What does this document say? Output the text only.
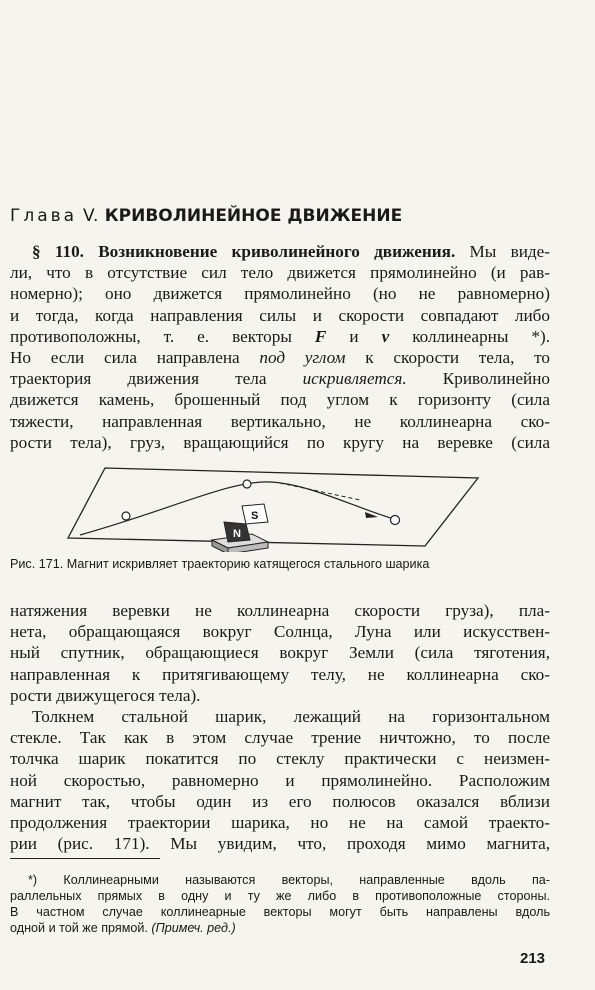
Глава V. КРИВОЛИНЕЙНОЕ ДВИЖЕНИЕ
§ 110. Возникновение криволинейного движения. Мы виде-
ли, что в отсутствие сил тело движется прямолинейно (и рав-
номерно); оно движется прямолинейно (но не равномерно)
и тогда, когда направления силы и скорости совпадают либо
противоположны, т. е. векторы F и v коллинеарны *).
Но если сила направлена под углом к скорости тела, то
траектория движения тела искривляется. Криволинейно
движется камень, брошенный под углом к горизонту (сила
тяжести, направленная вертикально, не коллинеарна ско-
рости тела), груз, вращающийся по кругу на веревке (сила
S
N
Рис. 171. Магнит искривляет траекторию катящегося стального шарика
натяжения веревки не коллинеарна скорости груза), пла-
нета, обращающаяся вокруг Солнца, Луна или искусствен-
ный спутник, обращающиеся вокруг Земли (сила тяготения,
направленная к притягивающему телу, не коллинеарна ско-
рости движущегося тела).
Толкнем стальной шарик, лежащий на горизонтальном
стекле. Так как в этом случае трение ничтожно, то после
толчка шарик покатится по стеклу практически с неизмен-
ной скоростью, равномерно и прямолинейно. Расположим
магнит так, чтобы один из его полюсов оказался вблизи
продолжения траектории шарика, но не на самой траекто-
рии (рис. 171). Мы увидим, что, проходя мимо магнита,
*) Коллинеарными называются векторы, направленные вдоль па-
раллельных прямых в одну и ту же либо в противоположные стороны.
В частном случае коллинеарные векторы могут быть направлены вдоль
одной и той же прямой. (Примеч. ред.)
213
